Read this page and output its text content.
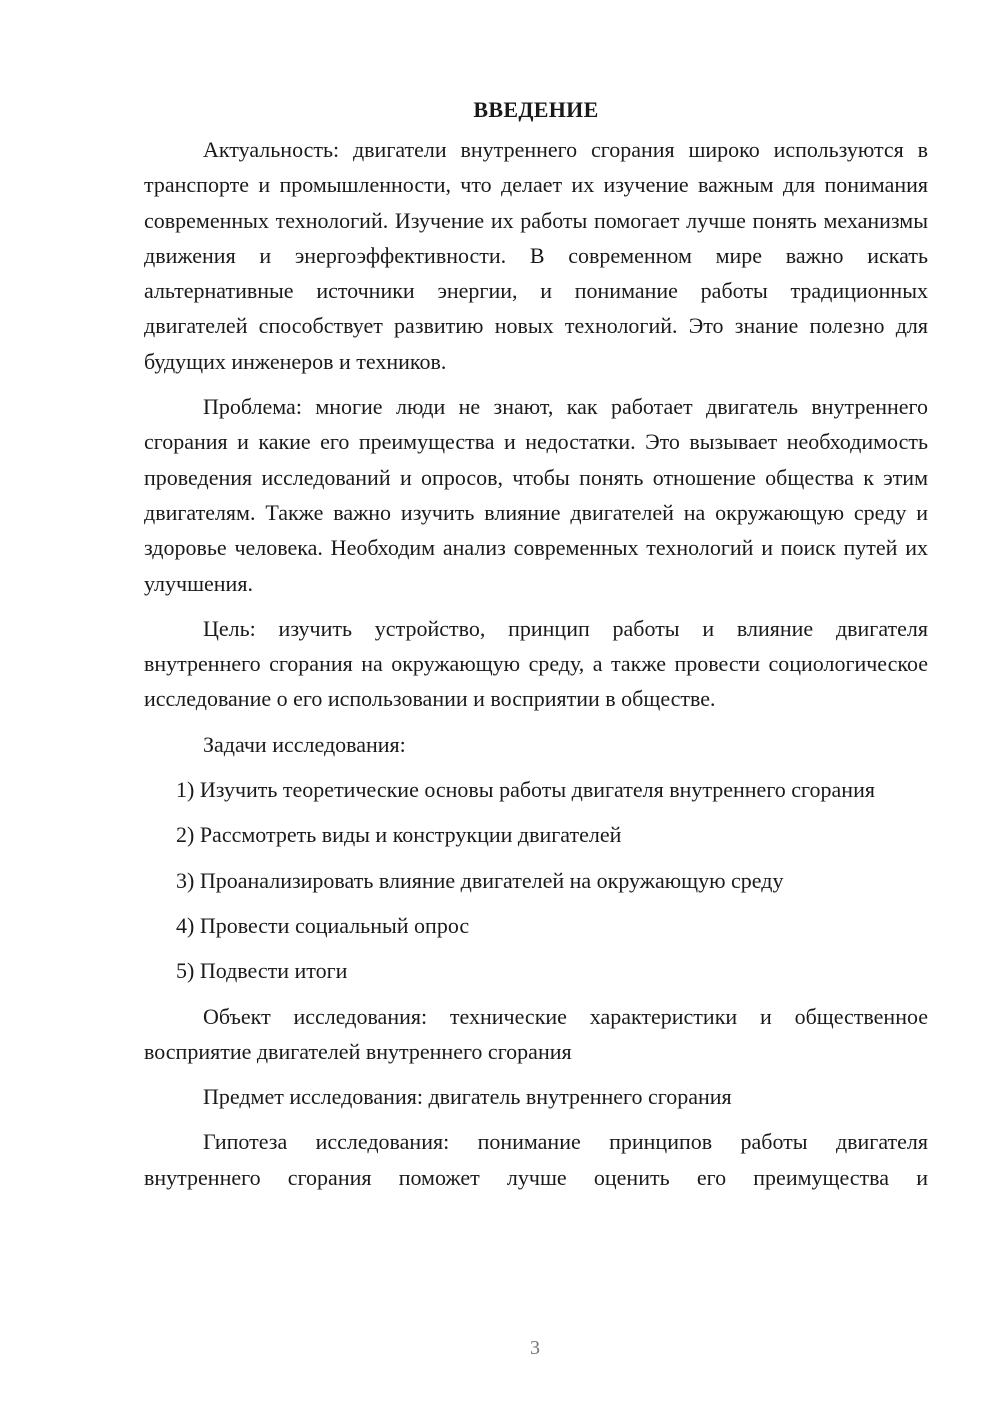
ВВЕДЕНИЕ

Актуальность: двигатели внутреннего сгорания широко используются в транспорте и промышленности, что делает их изучение важным для понимания современных технологий. Изучение их работы помогает лучше понять механизмы движения и энергоэффективности. В современном мире важно искать альтернативные источники энергии, и понимание работы традиционных двигателей способствует развитию новых технологий. Это знание полезно для будущих инженеров и техников.

Проблема: многие люди не знают, как работает двигатель внутреннего сгорания и какие его преимущества и недостатки. Это вызывает необходимость проведения исследований и опросов, чтобы понять отношение общества к этим двигателям. Также важно изучить влияние двигателей на окружающую среду и здоровье человека. Необходим анализ современных технологий и поиск путей их улучшения.

Цель: изучить устройство, принцип работы и влияние двигателя внутреннего сгорания на окружающую среду, а также провести социологическое исследование о его использовании и восприятии в обществе.

Задачи исследования:

1) Изучить теоретические основы работы двигателя внутреннего сгорания

2) Рассмотреть виды и конструкции двигателей

3) Проанализировать влияние двигателей на окружающую среду

4) Провести социальный опрос

5) Подвести итоги

Объект исследования: технические характеристики и общественное восприятие двигателей внутреннего сгорания

Предмет исследования: двигатель внутреннего сгорания

Гипотеза исследования: понимание принципов работы двигателя внутреннего сгорания поможет лучше оценить его преимущества и

3
